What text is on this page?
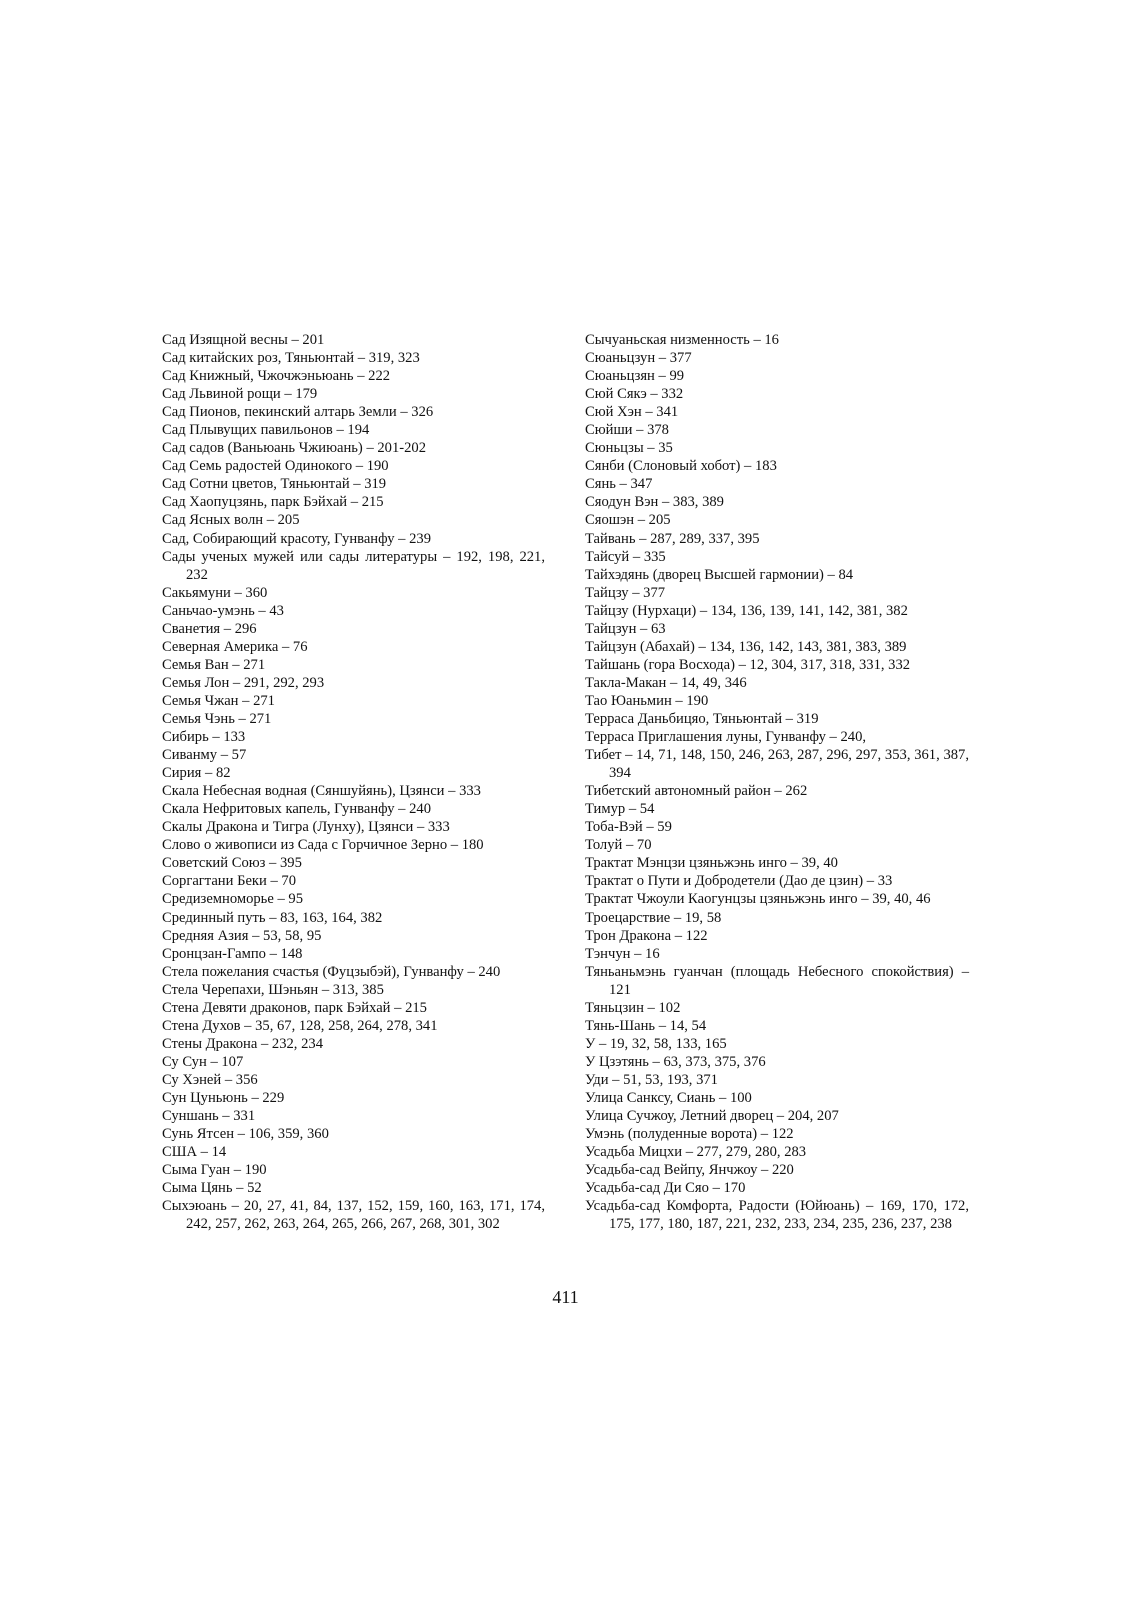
Сад Изящной весны – 201
Сад китайских роз, Тяньюнтай – 319, 323
Сад Книжный, Чжочжэньюань – 222
Сад Львиной рощи – 179
Сад Пионов, пекинский алтарь Земли – 326
Сад Плывущих павильонов – 194
Сад садов (Ваньюань Чжиюань) – 201-202
Сад Семь радостей Одинокого – 190
Сад Сотни цветов, Тяньюнтай – 319
Сад Хаопуцзянь, парк Бэйхай – 215
Сад Ясных волн – 205
Сад, Собирающий красоту, Гунванфу – 239
Сады ученых мужей или сады литературы – 192, 198, 221, 232
Сакьямуни – 360
Саньчао-умэнь – 43
Сванетия – 296
Северная Америка – 76
Семья Ван – 271
Семья Лон – 291, 292, 293
Семья Чжан – 271
Семья Чэнь – 271
Сибирь – 133
Сиванму – 57
Сирия – 82
Скала Небесная водная (Сяншуйянь), Цзянси – 333
Скала Нефритовых капель, Гунванфу – 240
Скалы Дракона и Тигра (Лунху), Цзянси – 333
Слово о живописи из Сада с Горчичное Зерно – 180
Советский Союз – 395
Соргагтани Беки – 70
Средиземноморье – 95
Срединный путь – 83, 163, 164, 382
Средняя Азия – 53, 58, 95
Сронцзан-Гампо – 148
Стела пожелания счастья (Фуцзыбэй), Гунванфу – 240
Стела Черепахи, Шэньян – 313, 385
Стена Девяти драконов, парк Бэйхай – 215
Стена Духов – 35, 67, 128, 258, 264, 278, 341
Стены Дракона – 232, 234
Су Сун – 107
Су Хэней – 356
Сун Цуньюнь – 229
Суншань – 331
Сунь Ятсен – 106, 359, 360
США – 14
Сыма Гуан – 190
Сыма Цянь – 52
Сыхэюань – 20, 27, 41, 84, 137, 152, 159, 160, 163, 171, 174, 242, 257, 262, 263, 264, 265, 266, 267, 268, 301, 302
Сычуаньская низменность – 16
Сюаньцзун – 377
Сюаньцзян – 99
Сюй Сякэ – 332
Сюй Хэн – 341
Сюйши – 378
Сюньцзы – 35
Сянби (Слоновый хобот) – 183
Сянь – 347
Сяодун Вэн – 383, 389
Сяошэн – 205
Тайвань – 287, 289, 337, 395
Тайсуй – 335
Тайхэдянь (дворец Высшей гармонии) – 84
Тайцзу – 377
Тайцзу (Нурхаци) – 134, 136, 139, 141, 142, 381, 382
Тайцзун – 63
Тайцзун (Абахай) – 134, 136, 142, 143, 381, 383, 389
Тайшань (гора Восхода) – 12, 304, 317, 318, 331, 332
Такла-Макан – 14, 49, 346
Тао Юаньмин – 190
Терраса Даньбицяо, Тяньюнтай – 319
Терраса Приглашения луны, Гунванфу – 240,
Тибет – 14, 71, 148, 150, 246, 263, 287, 296, 297, 353, 361, 387, 394
Тибетский автономный район – 262
Тимур – 54
Тоба-Вэй – 59
Толуй – 70
Трактат Мэнцзи цзяньжэнь инго – 39, 40
Трактат о Пути и Добродетели (Дао де цзин) – 33
Трактат Чжоули Каогунцзы цзяньжэнь инго – 39, 40, 46
Троецарствие – 19, 58
Трон Дракона – 122
Тэнчун – 16
Тяньаньмэнь гуанчан (площадь Небесного спокойствия) – 121
Тяньцзин – 102
Тянь-Шань – 14, 54
У – 19, 32, 58, 133, 165
У Цзэтянь – 63, 373, 375, 376
Уди – 51, 53, 193, 371
Улица Санксу, Сиань – 100
Улица Сучжоу, Летний дворец – 204, 207
Умэнь (полуденные ворота) – 122
Усадьба Мицхи – 277, 279, 280, 283
Усадьба-сад Вейпу, Янчжоу – 220
Усадьба-сад Ди Сяо – 170
Усадьба-сад Комфорта, Радости (Юйюань) – 169, 170, 172, 175, 177, 180, 187, 221, 232, 233, 234, 235, 236, 237, 238
411
